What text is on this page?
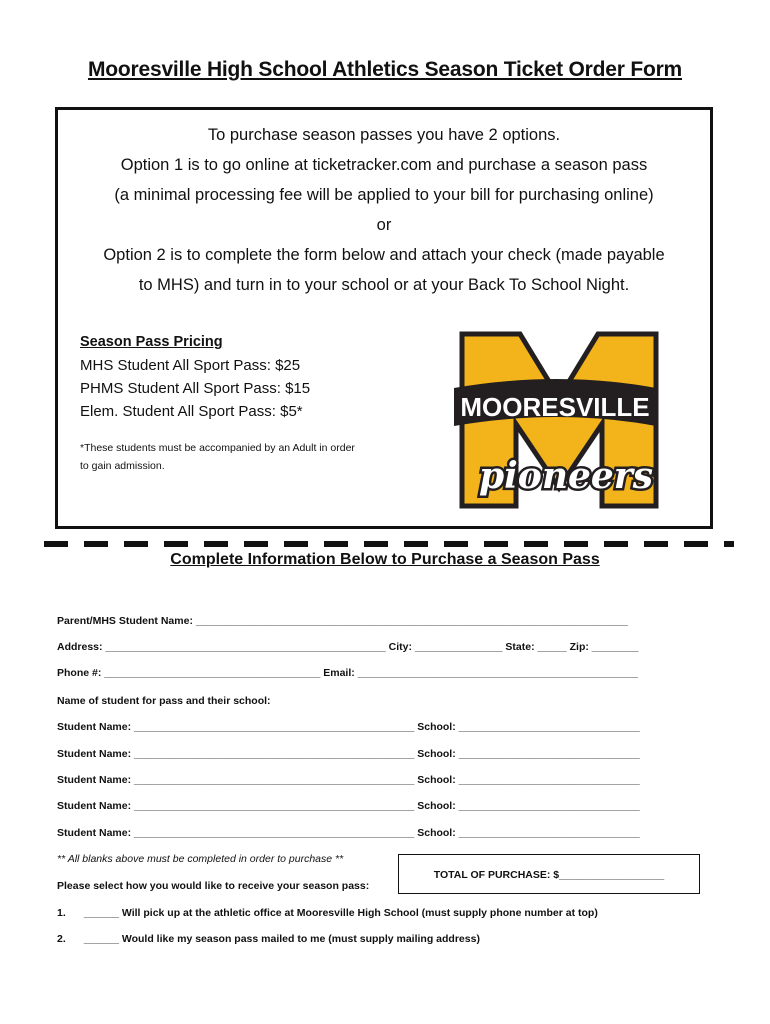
Mooresville High School Athletics Season Ticket Order Form
To purchase season passes you have 2 options.
Option 1 is to go online at ticketracker.com and purchase a season pass
(a minimal processing fee will be applied to your bill for purchasing online)
or
Option 2 is to complete the form below and attach your check (made payable
to MHS) and turn in to your school or at your Back To School Night.
Season Pass Pricing
MHS Student All Sport Pass: $25
PHMS Student All Sport Pass: $15
Elem. Student All Sport Pass: $5*
*These students must be accompanied by an Adult in order
to gain admission.
MOORESVILLE
pioneers
Complete Information Below to Purchase a Season Pass
Parent/MHS Student Name: __________________________________________________________________________
Address: ________________________________________________ City: _______________ State: _____ Zip: ________
Phone #: _____________________________________ Email: ________________________________________________
Name of student for pass and their school:
Student Name: ________________________________________________ School: _______________________________
Student Name: ________________________________________________ School: _______________________________
Student Name: ________________________________________________ School: _______________________________
Student Name: ________________________________________________ School: _______________________________
Student Name: ________________________________________________ School: _______________________________
** All blanks above must be completed in order to purchase **
Please select how you would like to receive your season pass:
TOTAL OF PURCHASE: $__________________
1. ______ Will pick up at the athletic office at Mooresville High School (must supply phone number at top)
2. ______ Would like my season pass mailed to me (must supply mailing address)
